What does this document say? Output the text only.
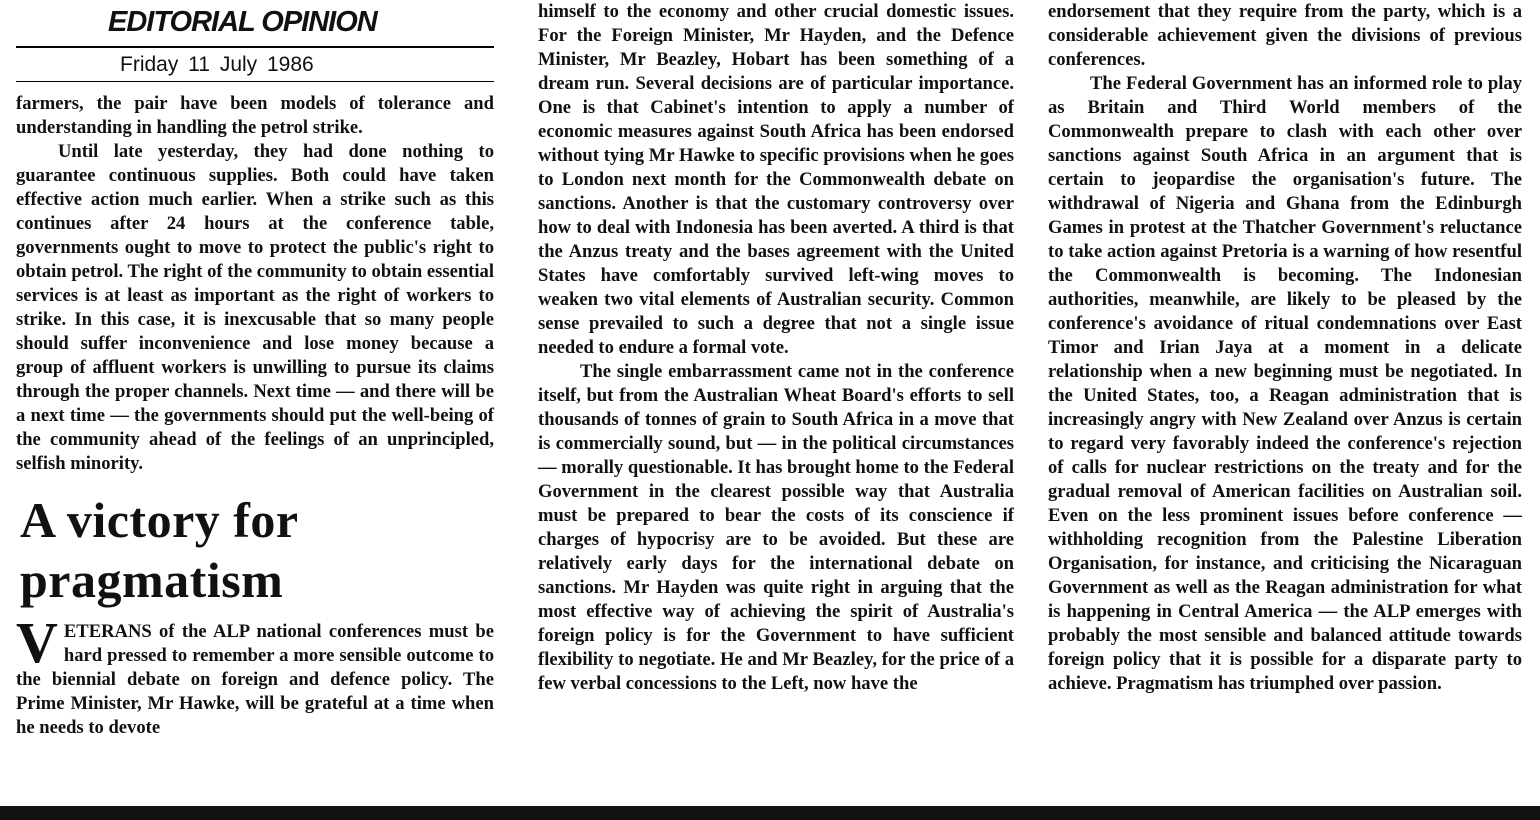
EDITORIAL OPINION
Friday 11 July 1986

farmers, the pair have been models of tolerance and understanding in handling the petrol strike.

Until late yesterday, they had done nothing to guarantee continuous supplies. Both could have taken effective action much earlier. When a strike such as this continues after 24 hours at the conference table, governments ought to move to protect the public's right to obtain petrol. The right of the community to obtain essential services is at least as important as the right of workers to strike. In this case, it is inexcusable that so many people should suffer inconvenience and lose money because a group of affluent workers is unwilling to pursue its claims through the proper channels. Next time — and there will be a next time — the governments should put the well-being of the community ahead of the feelings of an unprincipled, selfish minority.

A victory for pragmatism

VETERANS of the ALP national conferences must be hard pressed to remember a more sensible outcome to the biennial debate on foreign and defence policy. The Prime Minister, Mr Hawke, will be grateful at a time when he needs to devote

himself to the economy and other crucial domestic issues. For the Foreign Minister, Mr Hayden, and the Defence Minister, Mr Beazley, Hobart has been something of a dream run. Several decisions are of particular importance. One is that Cabinet's intention to apply a number of economic measures against South Africa has been endorsed without tying Mr Hawke to specific provisions when he goes to London next month for the Commonwealth debate on sanctions. Another is that the customary controversy over how to deal with Indonesia has been averted. A third is that the Anzus treaty and the bases agreement with the United States have comfortably survived left-wing moves to weaken two vital elements of Australian security. Common sense prevailed to such a degree that not a single issue needed to endure a formal vote.

The single embarrassment came not in the conference itself, but from the Australian Wheat Board's efforts to sell thousands of tonnes of grain to South Africa in a move that is commercially sound, but — in the political circumstances — morally questionable. It has brought home to the Federal Government in the clearest possible way that Australia must be prepared to bear the costs of its conscience if charges of hypocrisy are to be avoided. But these are relatively early days for the international debate on sanctions. Mr Hayden was quite right in arguing that the most effective way of achieving the spirit of Australia's foreign policy is for the Government to have sufficient flexibility to negotiate. He and Mr Beazley, for the price of a few verbal concessions to the Left, now have the

endorsement that they require from the party, which is a considerable achievement given the divisions of previous conferences.

The Federal Government has an informed role to play as Britain and Third World members of the Commonwealth prepare to clash with each other over sanctions against South Africa in an argument that is certain to jeopardise the organisation's future. The withdrawal of Nigeria and Ghana from the Edinburgh Games in protest at the Thatcher Government's reluctance to take action against Pretoria is a warning of how resentful the Commonwealth is becoming. The Indonesian authorities, meanwhile, are likely to be pleased by the conference's avoidance of ritual condemnations over East Timor and Irian Jaya at a moment in a delicate relationship when a new beginning must be negotiated. In the United States, too, a Reagan administration that is increasingly angry with New Zealand over Anzus is certain to regard very favorably indeed the conference's rejection of calls for nuclear restrictions on the treaty and for the gradual removal of American facilities on Australian soil. Even on the less prominent issues before conference — withholding recognition from the Palestine Liberation Organisation, for instance, and criticising the Nicaraguan Government as well as the Reagan administration for what is happening in Central America — the ALP emerges with probably the most sensible and balanced attitude towards foreign policy that it is possible for a disparate party to achieve. Pragmatism has triumphed over passion.
